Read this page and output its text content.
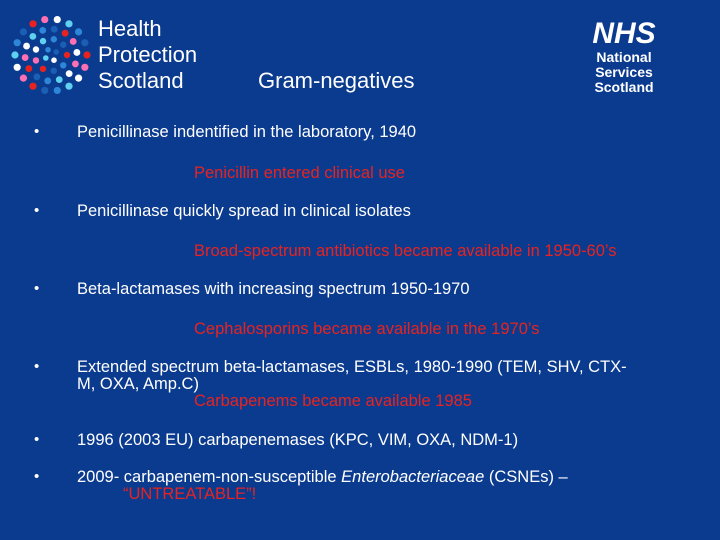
Health
Protection
Scotland
NHS
National
Services
Scotland
Gram-negatives
• Penicillinase indentified in the laboratory, 1940
Penicillin entered clinical use
• Penicillinase quickly spread in clinical isolates
Broad-spectrum antibiotics became available in 1950-60’s
• Beta-lactamases with increasing spectrum 1950-1970
Cephalosporins became available in the 1970’s
• Extended spectrum beta-lactamases, ESBLs, 1980-1990 (TEM, SHV, CTX-
M, OXA, Amp.C)
Carbapenems became available 1985
• 1996 (2003 EU) carbapenemases (KPC, VIM, OXA, NDM-1)
• 2009- carbapenem-non-susceptible Enterobacteriaceae (CSNEs) –
“UNTREATABLE”!
